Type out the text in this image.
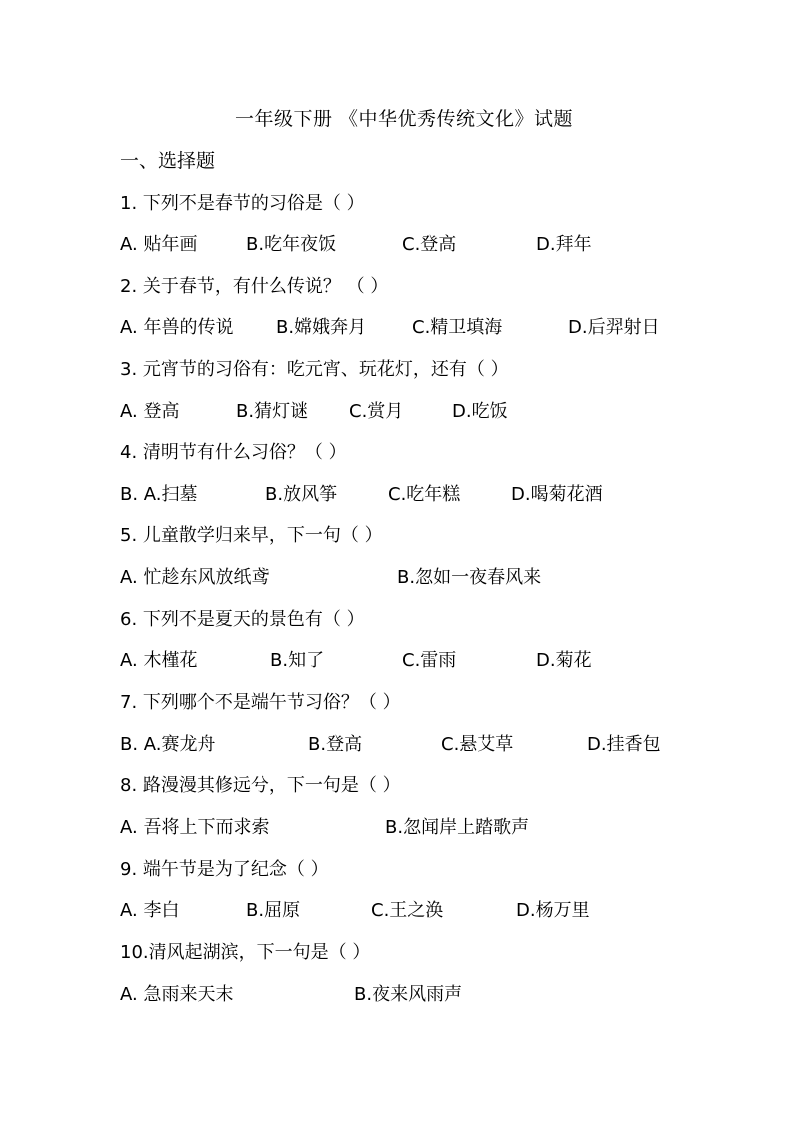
一年级下册 《中华优秀传统文化》试题
一、选择题
1. 下列不是春节的习俗是（ ）
A. 贴年画	B.吃年夜饭	C.登高	D.拜年
2. 关于春节，有什么传说？ （ ）
A. 年兽的传说 B.嫦娥奔月	C.精卫填海	D.后羿射日
3. 元宵节的习俗有：吃元宵、玩花灯，还有（ ）
A. 登高	B.猜灯谜 C.赏月	D.吃饭
4. 清明节有什么习俗？（ ）
B. A.扫墓	B.放风筝	C.吃年糕	D.喝菊花酒
5. 儿童散学归来早，下一句（ ）
A. 忙趁东风放纸鸢	B.忽如一夜春风来
6. 下列不是夏天的景色有（ ）
A. 木槿花	B.知了	C.雷雨	D.菊花
7. 下列哪个不是端午节习俗？（ ）
B. A.赛龙舟	B.登高	C.悬艾草	D.挂香包
8. 路漫漫其修远兮，下一句是（ ）
A. 吾将上下而求索	B.忽闻岸上踏歌声
9. 端午节是为了纪念（ ）
A. 李白	B.屈原	C.王之涣	D.杨万里
10.清风起湖滨，下一句是（ ）
A. 急雨来天末	B.夜来风雨声
